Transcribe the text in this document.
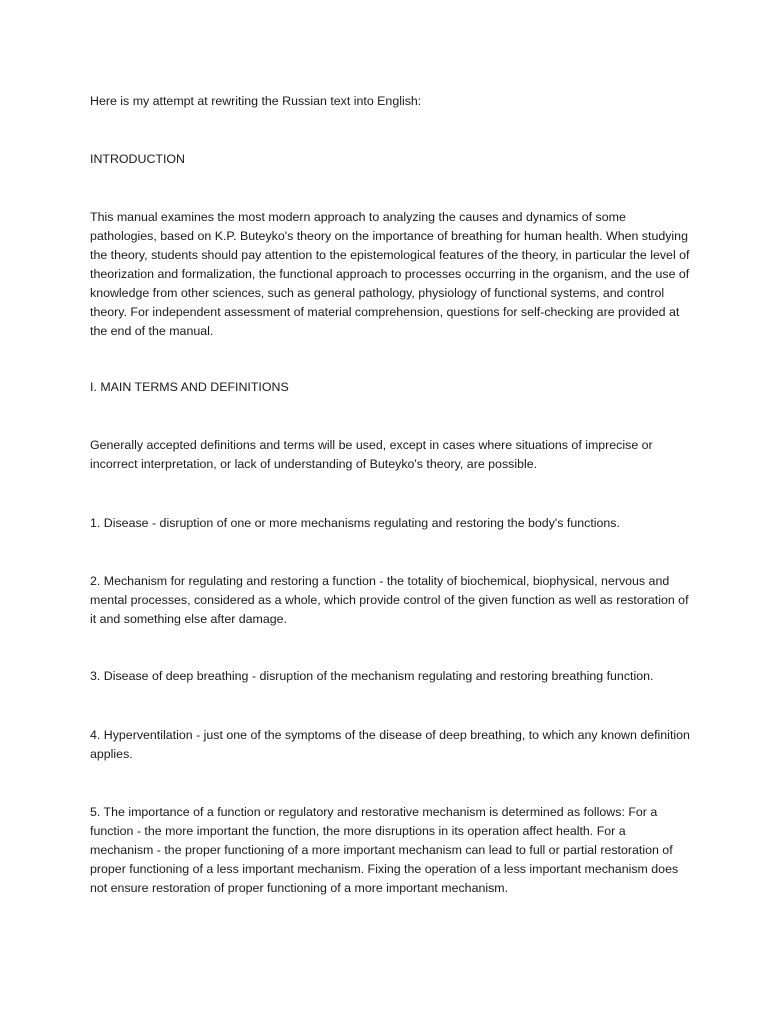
Here is my attempt at rewriting the Russian text into English:

INTRODUCTION

This manual examines the most modern approach to analyzing the causes and dynamics of some pathologies, based on K.P. Buteyko's theory on the importance of breathing for human health. When studying the theory, students should pay attention to the epistemological features of the theory, in particular the level of theorization and formalization, the functional approach to processes occurring in the organism, and the use of knowledge from other sciences, such as general pathology, physiology of functional systems, and control theory. For independent assessment of material comprehension, questions for self-checking are provided at the end of the manual.

I. MAIN TERMS AND DEFINITIONS

Generally accepted definitions and terms will be used, except in cases where situations of imprecise or incorrect interpretation, or lack of understanding of Buteyko's theory, are possible.

1. Disease - disruption of one or more mechanisms regulating and restoring the body's functions.

2. Mechanism for regulating and restoring a function - the totality of biochemical, biophysical, nervous and mental processes, considered as a whole, which provide control of the given function as well as restoration of it and something else after damage.

3. Disease of deep breathing - disruption of the mechanism regulating and restoring breathing function.

4. Hyperventilation - just one of the symptoms of the disease of deep breathing, to which any known definition applies.

5. The importance of a function or regulatory and restorative mechanism is determined as follows: For a function - the more important the function, the more disruptions in its operation affect health. For a mechanism - the proper functioning of a more important mechanism can lead to full or partial restoration of proper functioning of a less important mechanism. Fixing the operation of a less important mechanism does not ensure restoration of proper functioning of a more important mechanism.
